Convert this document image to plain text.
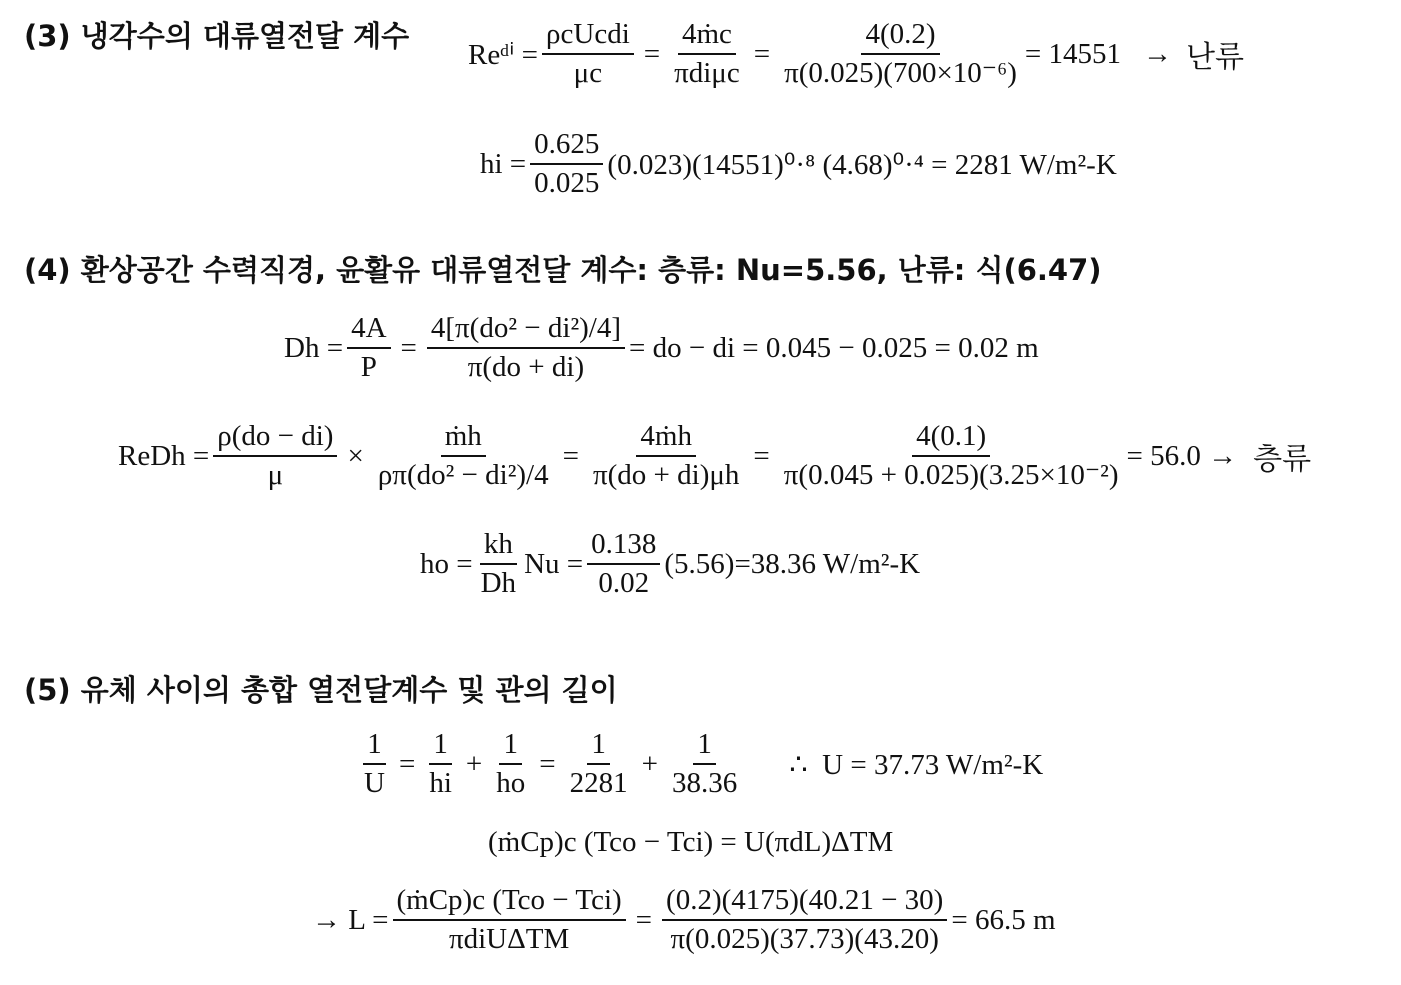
(3) 냉각수의 대류열전달 계수
Reᵈⁱ = $\frac{\text{ρcUcdi}}{\mu c} = \frac{\text{4ṁc}}{\text{πdiμc}} = \frac{4(0.2)}{\text{π(0.025)(700×10⁻⁶)}} = 14551$ → 난류
hi = $\frac{0.625}{0.025} (0.023)(14551)^0\cdot^8$ (4.68)⁰·⁴ = 2281 W/m²-K
(4) 환상공간 수력직경, 윤활유 대류열전달 계수: 층류: Nu=5.56, 난류: 식(6.47)
$Dh = \frac{4A}{P} = \frac{\text{4[π(do² − di²)/4]}}{\pi(do + di)}$ = do − di = 0.045 − 0.025 = 0.02 m
ReDh = $\frac{\rho(do - di)}{\mu} \times \frac{\text{ṁh}}{\text{ρπ(do² − di²)/4}} = \frac{\text{4ṁh}}{\pi(do + di)\mu h} = \frac{4(0.1)}{\text{π(0.045 + 0.025)(3.25×10⁻²)}} = 56.0$ → 층류
ho = $\frac{kh}{Dh}$ $Nu = \frac{0.138}{0.02} (5.56)=38.36$ W/m²-K
(5) 유체 사이의 총합 열전달계수 및 관의 길이
$\frac{1}{U} = \frac{1}{hi} + \frac{1}{ho} = \frac{1}{2281} + \frac{1}{38.36}$ ∴  U = 37.73 W/m²-K
(ṁCp)c (Tco − Tci) = U(πdL)ΔTM
→ $L = \frac{\text{(ṁCp)c (Tco − Tci)}}{\text{πdiUΔTM}} = \frac{(0.2)(4175)(40.21 - 30)}{\pi(0.025)(37.73)(43.20)} = 66.5$ m
